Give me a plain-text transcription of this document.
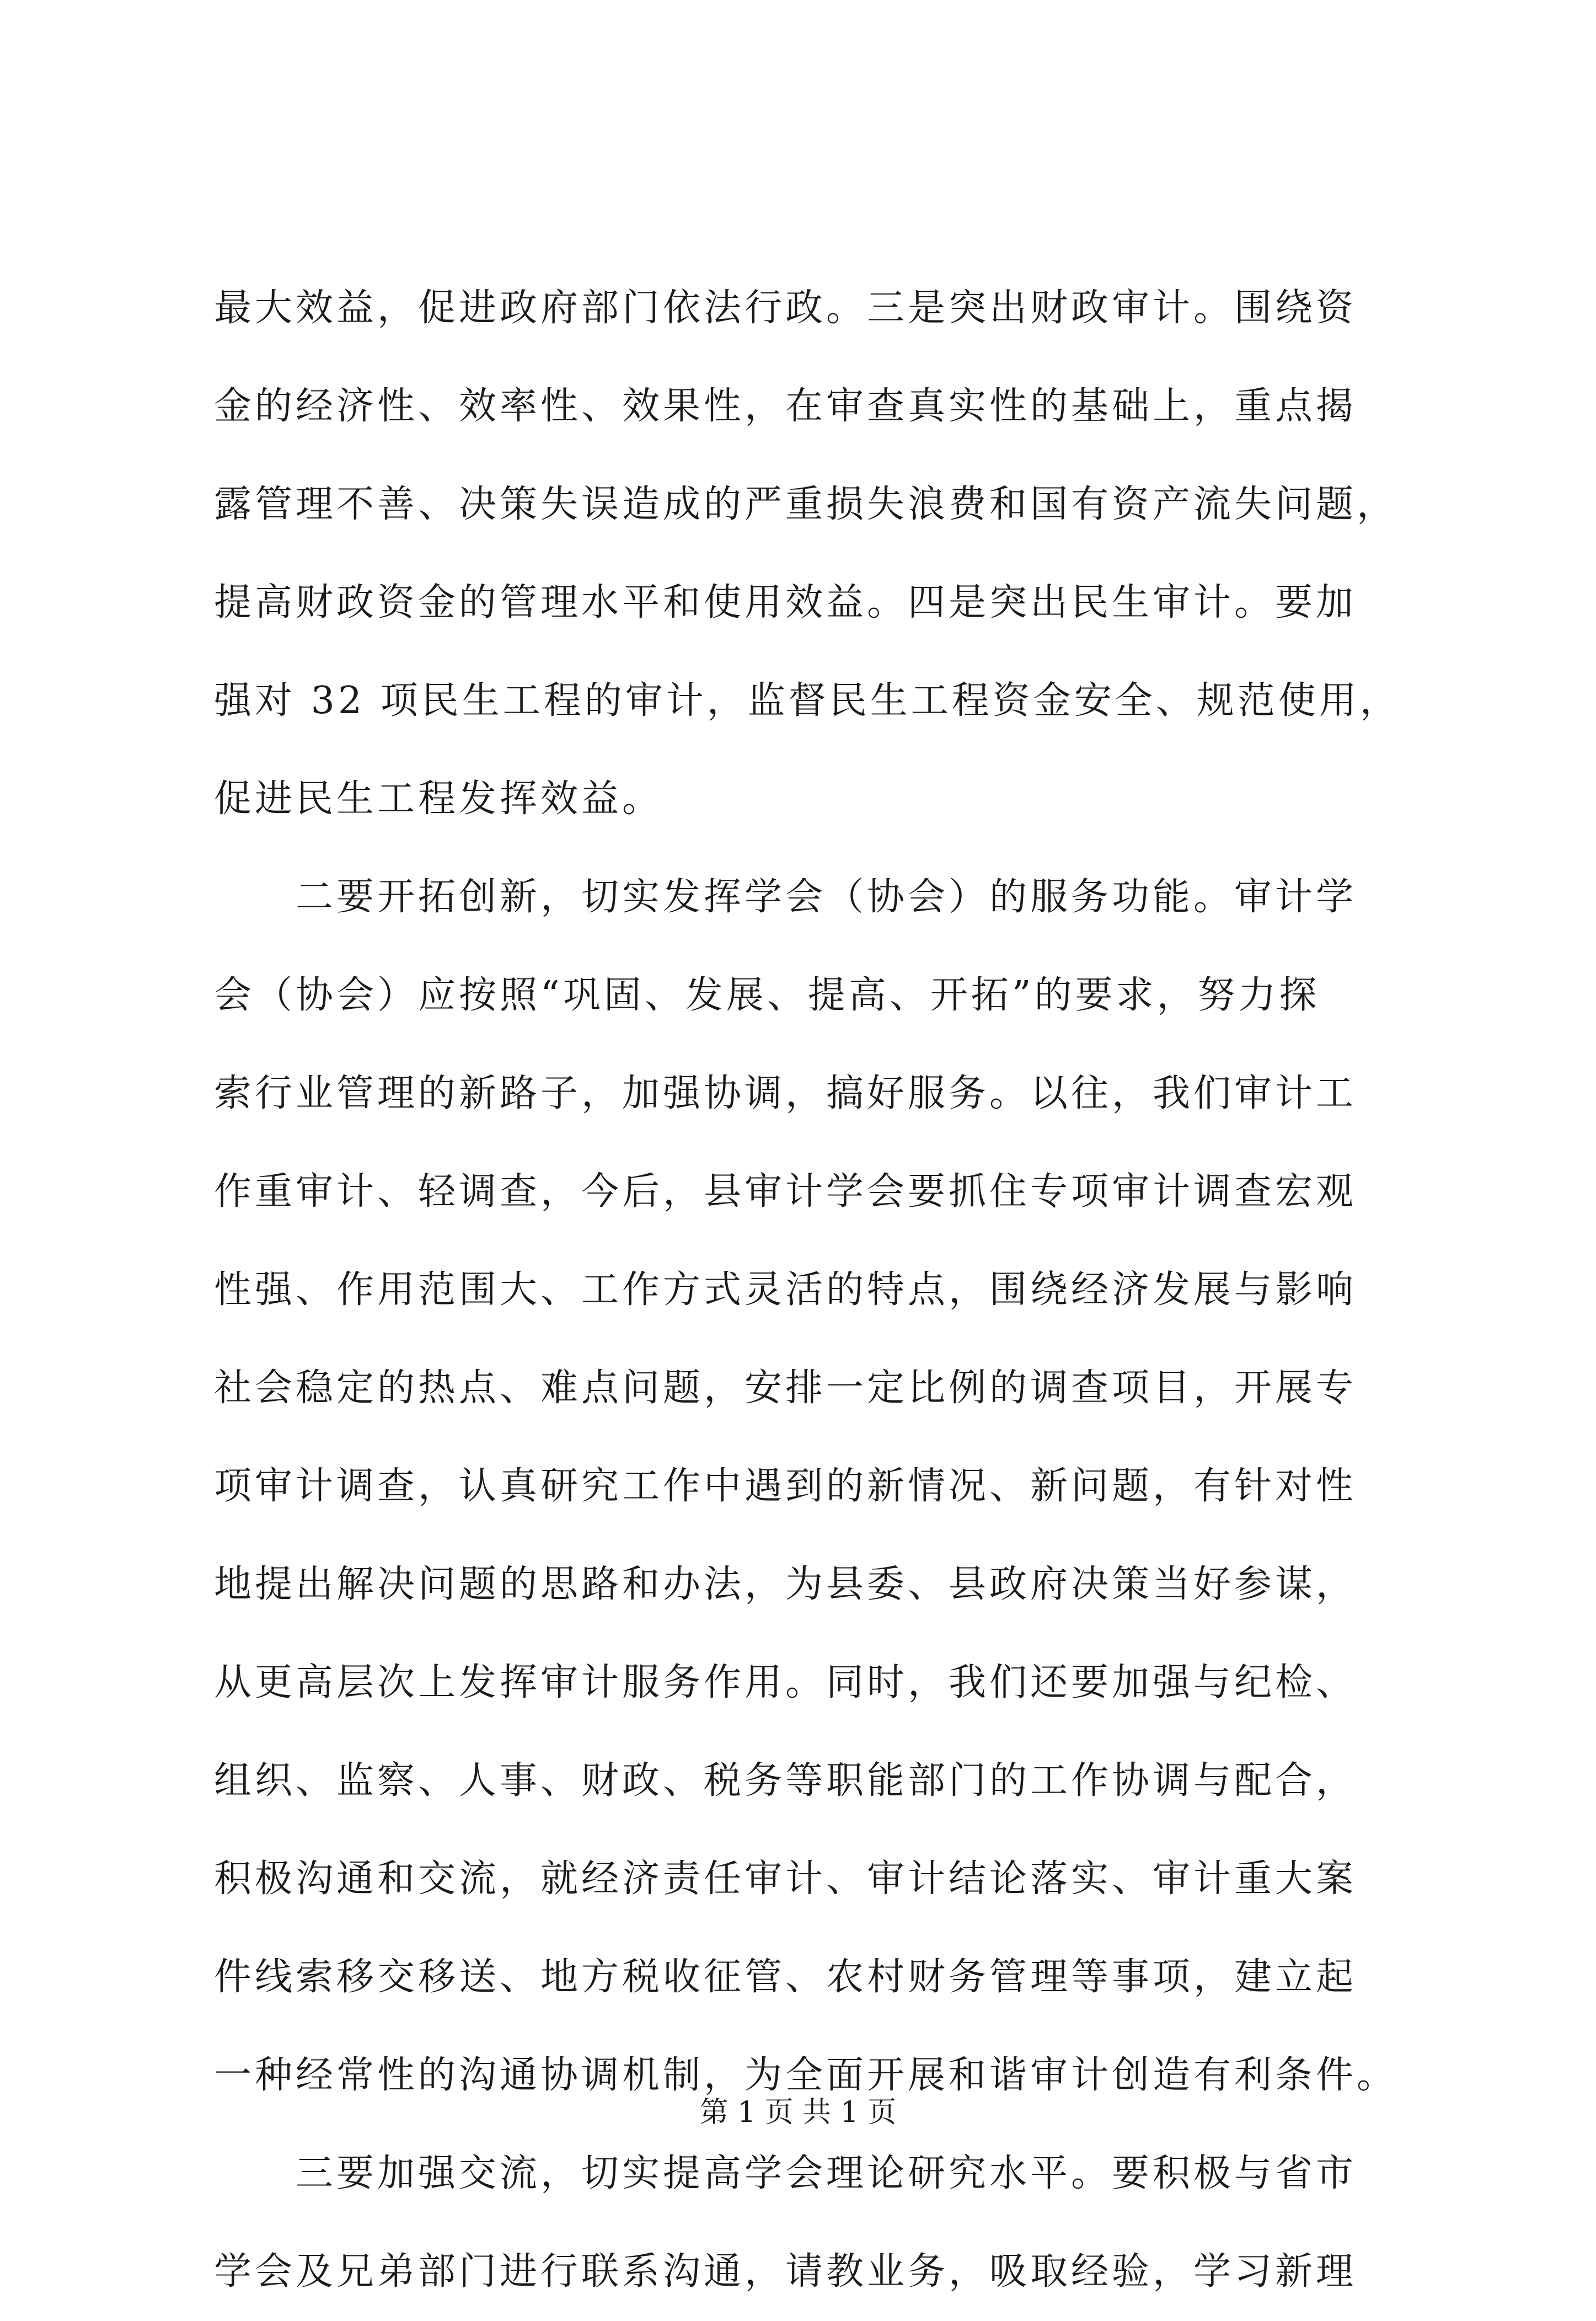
最大效益，促进政府部门依法行政。三是突出财政审计。围绕资
金的经济性、效率性、效果性，在审查真实性的基础上，重点揭
露管理不善、决策失误造成的严重损失浪费和国有资产流失问题，
提高财政资金的管理水平和使用效益。四是突出民生审计。要加
强对 32 项民生工程的审计，监督民生工程资金安全、规范使用，
促进民生工程发挥效益。
二要开拓创新，切实发挥学会（协会）的服务功能。审计学
会（协会）应按照“巩固、发展、提高、开拓”的要求，努力探
索行业管理的新路子，加强协调，搞好服务。以往，我们审计工
作重审计、轻调查，今后，县审计学会要抓住专项审计调查宏观
性强、作用范围大、工作方式灵活的特点，围绕经济发展与影响
社会稳定的热点、难点问题，安排一定比例的调查项目，开展专
项审计调查，认真研究工作中遇到的新情况、新问题，有针对性
地提出解决问题的思路和办法，为县委、县政府决策当好参谋，
从更高层次上发挥审计服务作用。同时，我们还要加强与纪检、
组织、监察、人事、财政、税务等职能部门的工作协调与配合，
积极沟通和交流，就经济责任审计、审计结论落实、审计重大案
件线索移交移送、地方税收征管、农村财务管理等事项，建立起
一种经常性的沟通协调机制，为全面开展和谐审计创造有利条件。
三要加强交流，切实提高学会理论研究水平。要积极与省市
学会及兄弟部门进行联系沟通，请教业务，吸取经验，学习新理
第 1 页 共 1 页
